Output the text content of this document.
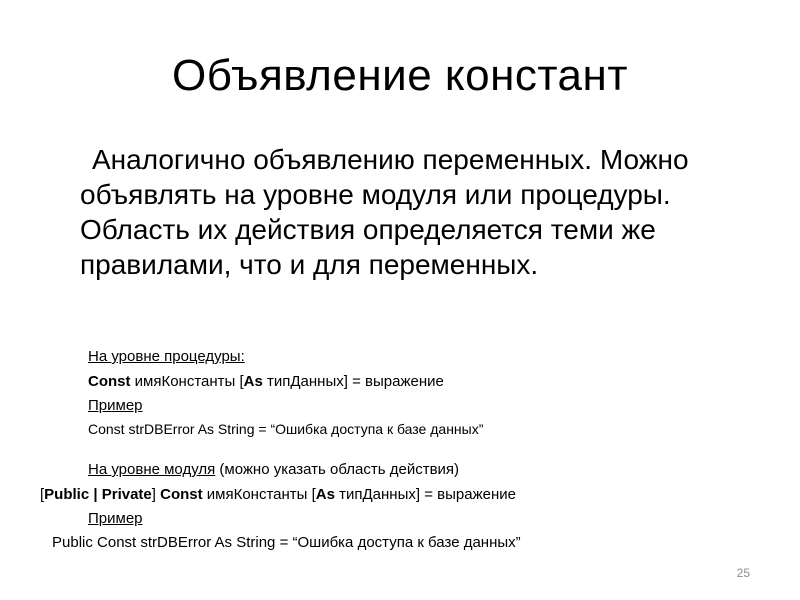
Объявление констант
Аналогично объявлению переменных. Можно объявлять на уровне модуля или процедуры. Область их действия определяется теми же правилами, что и для переменных.
На уровне процедуры:
Const имяКонстанты [As типДанных] = выражение
Пример
Const strDBError As String = “Ошибка доступа к базе данных”
На уровне модуля (можно указать область действия)
[Public | Private] Const имяКонстанты [As типДанных] = выражение
Пример
Public Const strDBError As String = “Ошибка доступа к базе данных”
25
